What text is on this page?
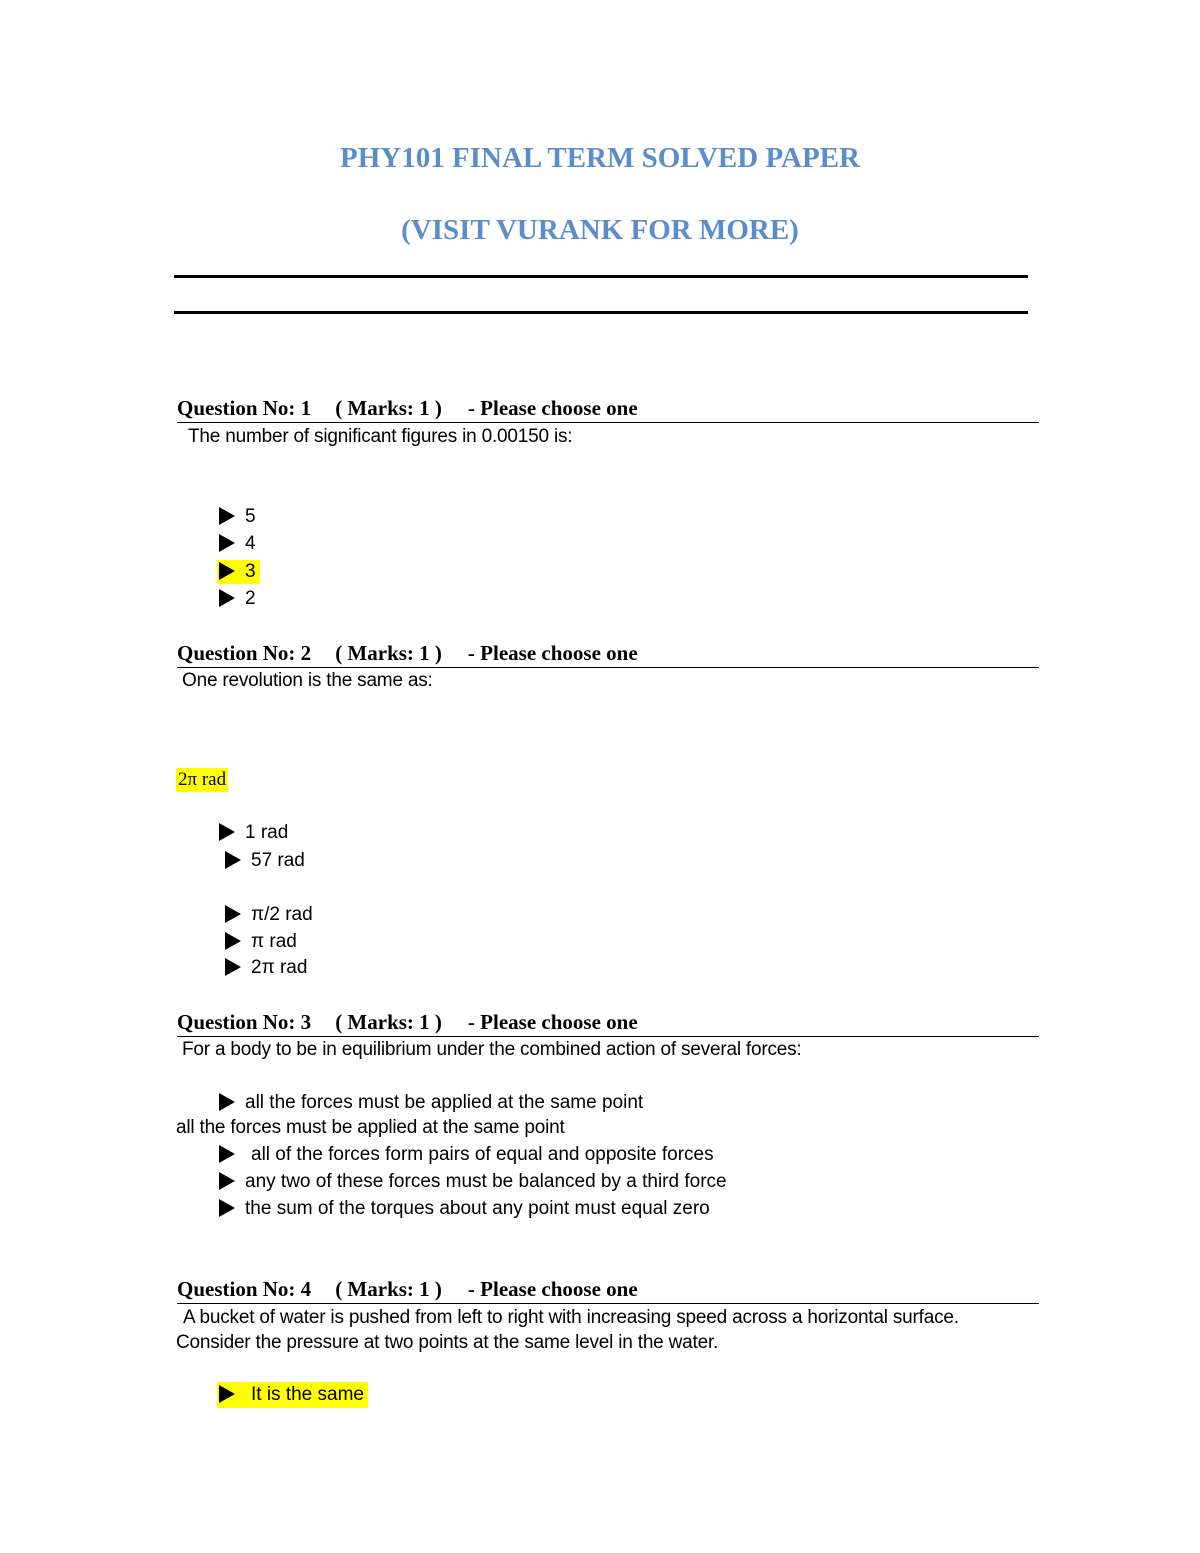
PHY101 FINAL TERM SOLVED PAPER
(VISIT VURANK FOR MORE)
Question No: 1 ( Marks: 1 ) - Please choose one
The number of significant figures in 0.00150 is:
5
4
3
2
Question No: 2 ( Marks: 1 ) - Please choose one
One revolution is the same as:
2π rad
1 rad
57 rad
π/2 rad
π rad
2π rad
Question No: 3 ( Marks: 1 ) - Please choose one
For a body to be in equilibrium under the combined action of several forces:
all the forces must be applied at the same point
all the forces must be applied at the same point
all of the forces form pairs of equal and opposite forces
any two of these forces must be balanced by a third force
the sum of the torques about any point must equal zero
Question No: 4 ( Marks: 1 ) - Please choose one
A bucket of water is pushed from left to right with increasing speed across a horizontal surface.
Consider the pressure at two points at the same level in the water.
It is the same
